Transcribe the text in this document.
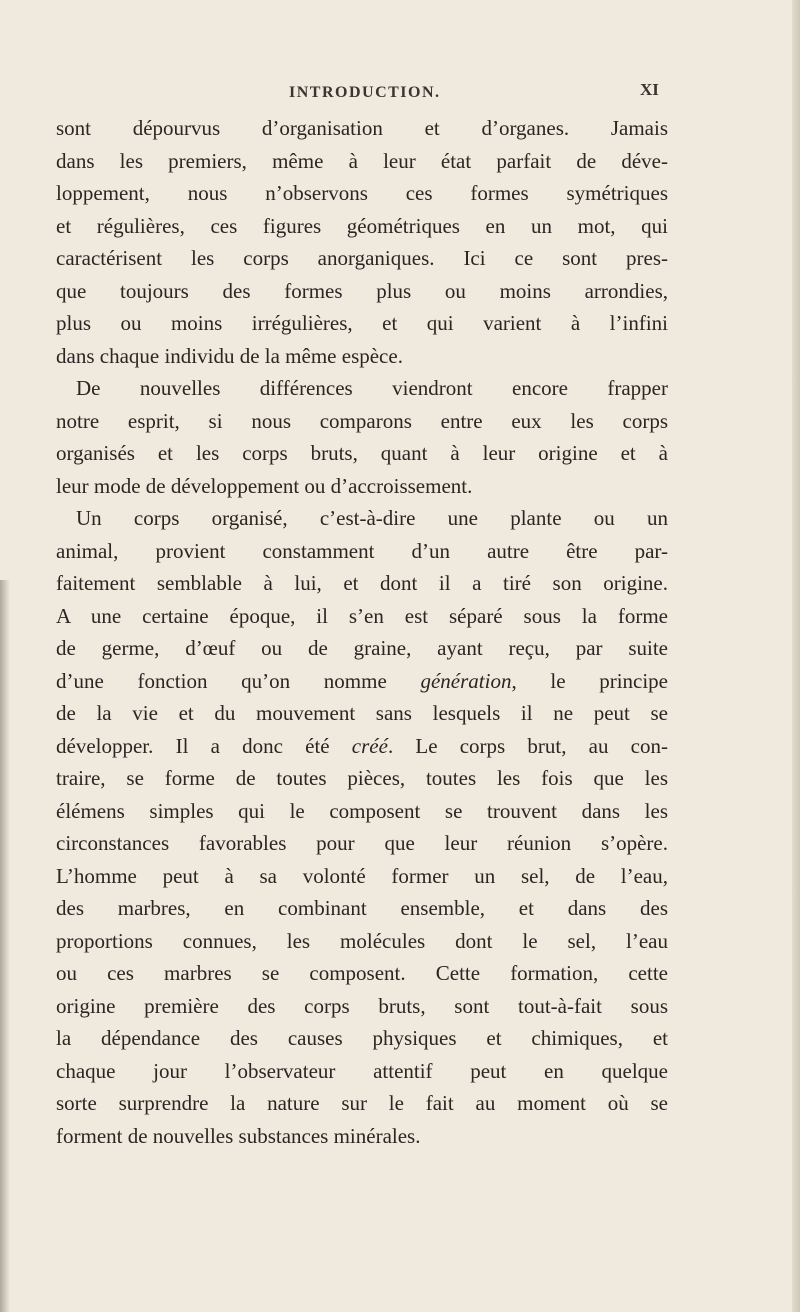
INTRODUCTION.	XI
sont dépourvus d’organisation et d’organes. Jamais
dans les premiers, même à leur état parfait de déve-
loppement, nous n’observons ces formes symétriques
et régulières, ces figures géométriques en un mot, qui
caractérisent les corps anorganiques. Ici ce sont pres-
que toujours des formes plus ou moins arrondies,
plus ou moins irrégulières, et qui varient à l’infini
dans chaque individu de la même espèce.
De nouvelles différences viendront encore frapper
notre esprit, si nous comparons entre eux les corps
organisés et les corps bruts, quant à leur origine et à
leur mode de développement ou d’accroissement.
Un corps organisé, c’est-à-dire une plante ou un
animal, provient constamment d’un autre être par-
faitement semblable à lui, et dont il a tiré son origine.
A une certaine époque, il s’en est séparé sous la forme
de germe, d’œuf ou de graine, ayant reçu, par suite
d’une fonction qu’on nomme génération, le principe
de la vie et du mouvement sans lesquels il ne peut se
développer. Il a donc été créé. Le corps brut, au con-
traire, se forme de toutes pièces, toutes les fois que les
élémens simples qui le composent se trouvent dans les
circonstances favorables pour que leur réunion s’opère.
L’homme peut à sa volonté former un sel, de l’eau,
des marbres, en combinant ensemble, et dans des
proportions connues, les molécules dont le sel, l’eau
ou ces marbres se composent. Cette formation, cette
origine première des corps bruts, sont tout-à-fait sous
la dépendance des causes physiques et chimiques, et
chaque jour l’observateur attentif peut en quelque
sorte surprendre la nature sur le fait au moment où se
forment de nouvelles substances minérales.
